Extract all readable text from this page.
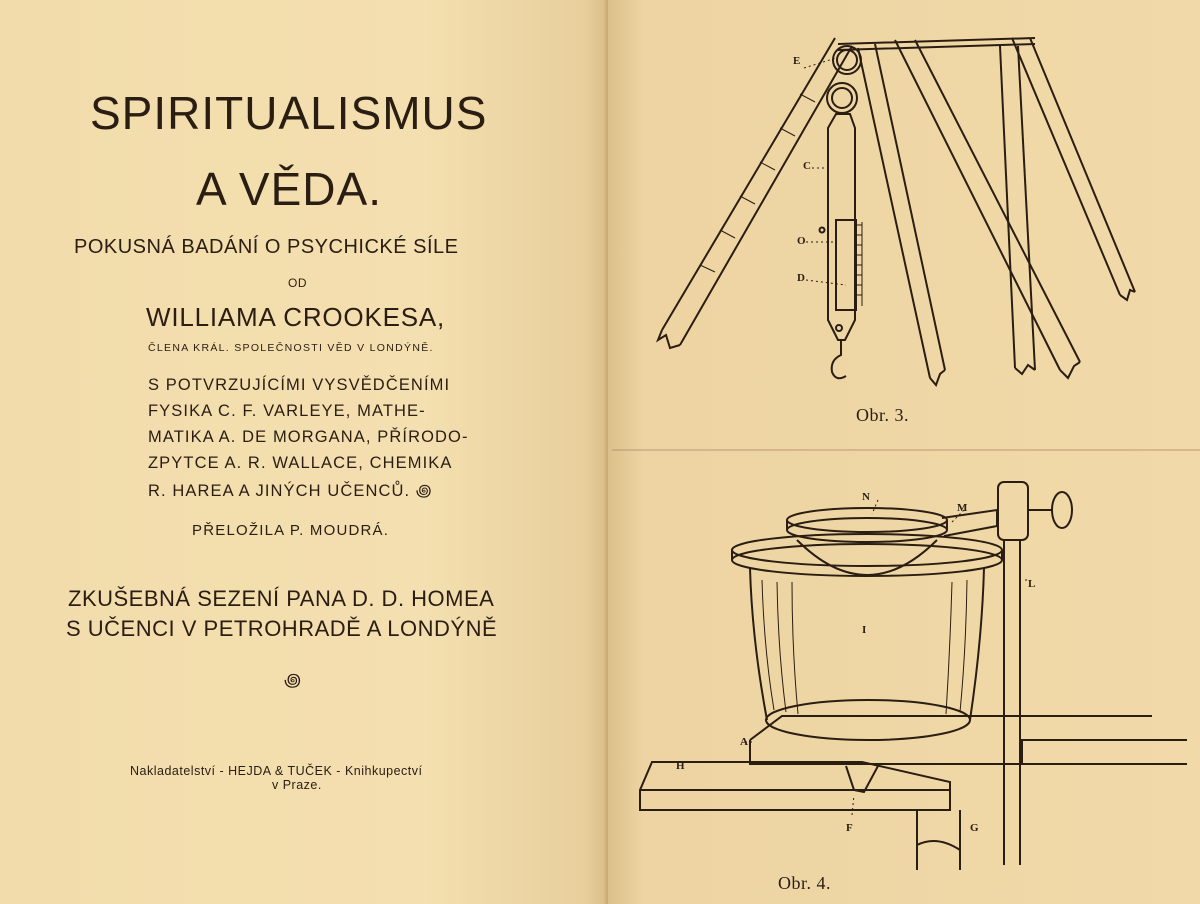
SPIRITUALISMUS
A VĚDA.
POKUSNÁ BADÁNÍ O PSYCHICKÉ SÍLE
OD
WILLIAMA CROOKESA,
ČLENA KRÁL. SPOLEČNOSTI VĚD V LONDÝNĚ.
S POTVRZUJÍCÍMI VYSVĚDČENÍMI
FYSIKA C. F. VARLEYE, MATHE-
MATIKA A. DE MORGANA, PŘÍRODO-
ZPYTCE A. R. WALLACE, CHEMIKA
R. HAREA A JINÝCH UČENCŮ. ꩜
PŘELOŽILA P. MOUDRÁ.
ZKUŠEBNÁ SEZENÍ PANA D. D. HOMEA
S UČENCI V PETROHRADĚ A LONDÝNĚ
꩜
Nakladatelství - HEJDA & TUČEK - Knihkupectví
v Praze.
E
C
O
D
Obr. 3.
N
M
L
I
A
H
F	G
Obr. 4.
